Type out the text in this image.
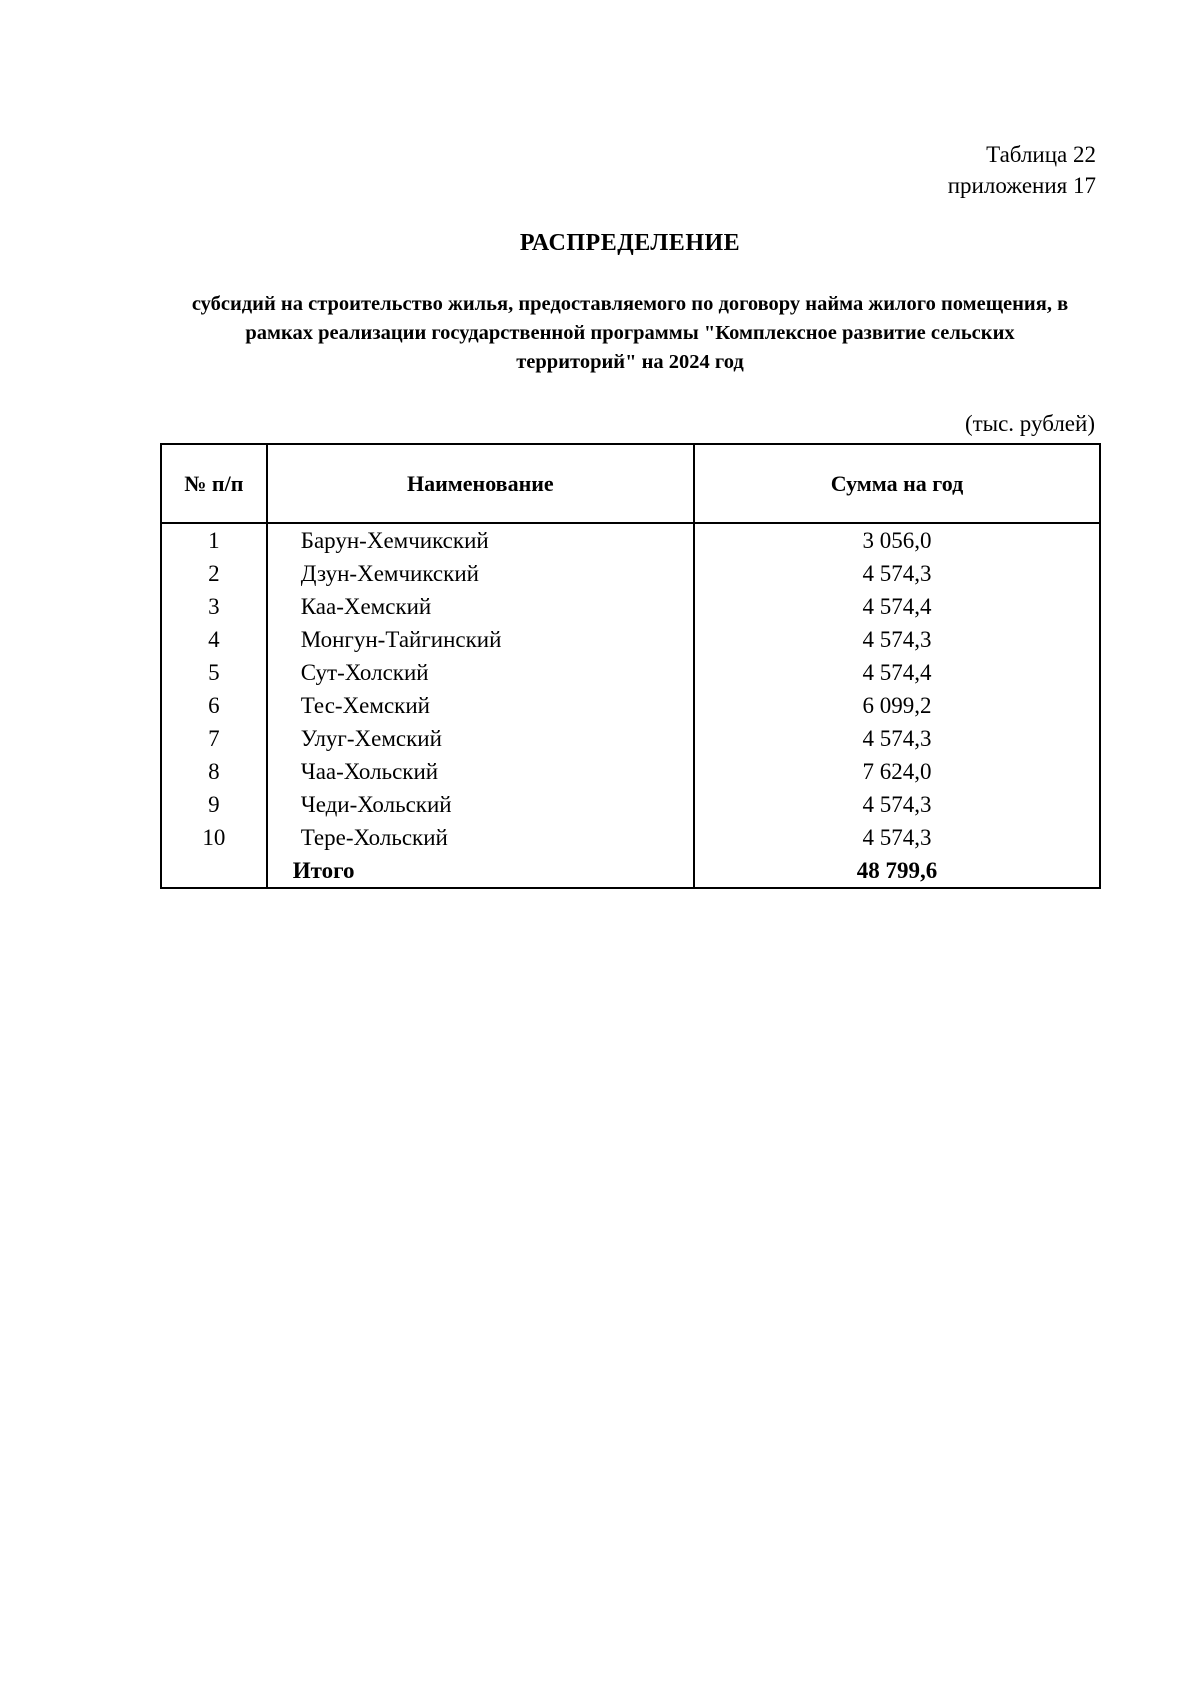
Таблица 22
приложения 17
РАСПРЕДЕЛЕНИЕ
субсидий на строительство жилья, предоставляемого по договору найма жилого помещения, в рамках реализации государственной программы "Комплексное развитие сельских территорий" на 2024 год
(тыс. рублей)
№ п/п	Наименование	Сумма на год
1	Барун-Хемчикский	3 056,0
2	Дзун-Хемчикский	4 574,3
3	Каа-Хемский	4 574,4
4	Монгун-Тайгинский	4 574,3
5	Сут-Холский	4 574,4
6	Тес-Хемский	6 099,2
7	Улуг-Хемский	4 574,3
8	Чаа-Хольский	7 624,0
9	Чеди-Хольский	4 574,3
10	Тере-Хольский	4 574,3
	Итого	48 799,6
